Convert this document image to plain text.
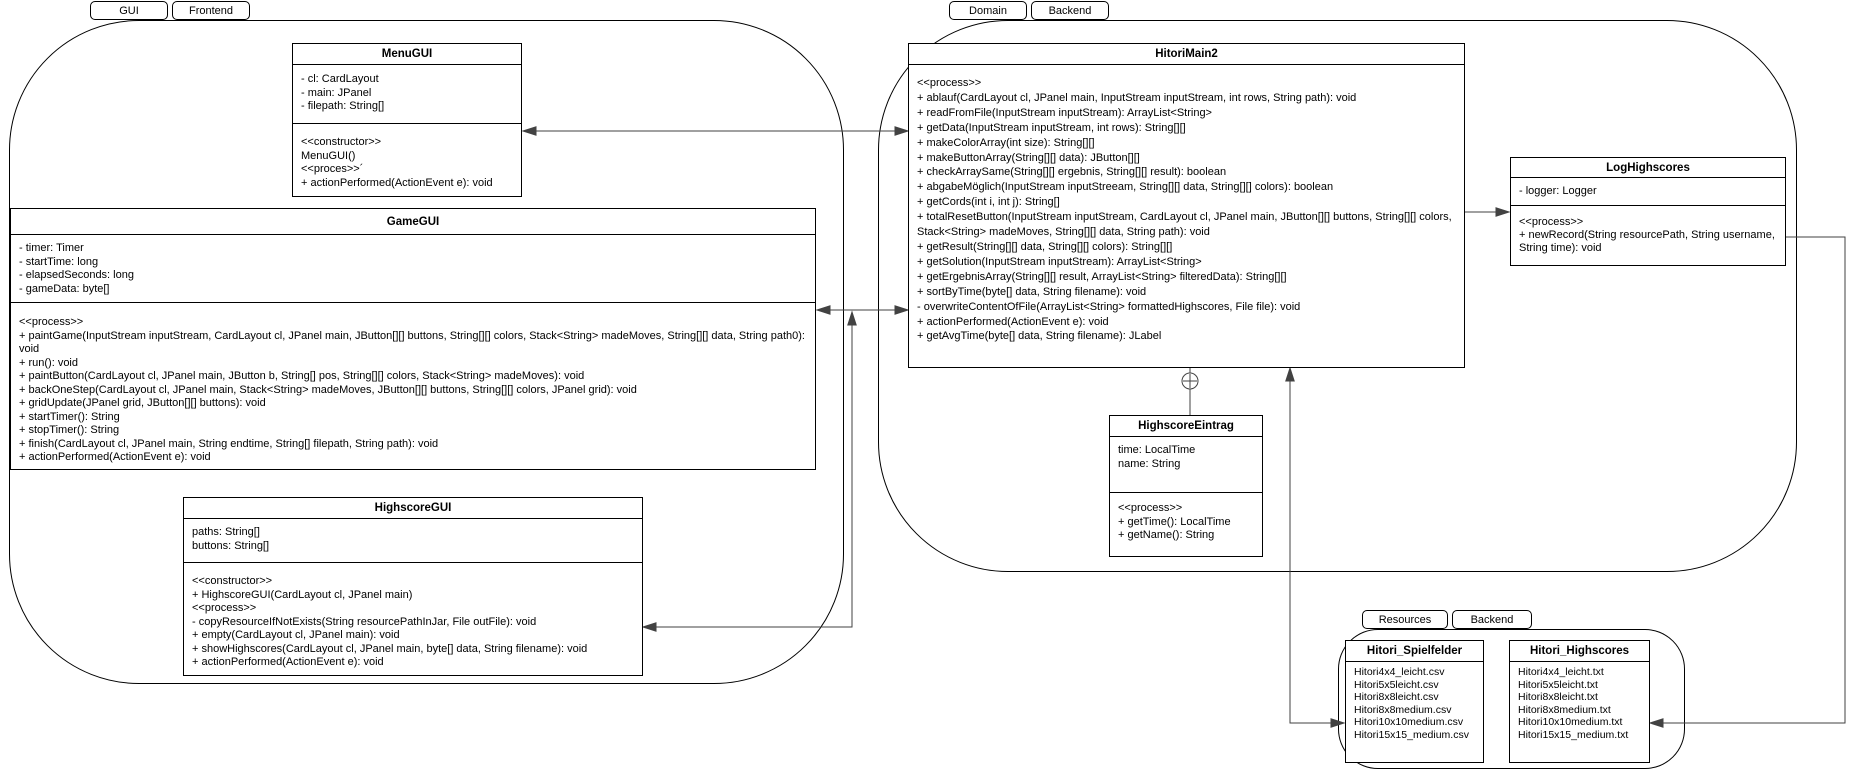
GUI	Frontend	Domain	Backend
Resources	Backend
MenuGUI
- cl: CardLayout
- main: JPanel
- filepath: String[]
<<constructor>>
MenuGUI()
<<proces>>´
+ actionPerformed(ActionEvent e): void
GameGUI
- timer: Timer
- startTime: long
- elapsedSeconds: long
- gameData: byte[]
<<process>>
+ paintGame(InputStream inputStream, CardLayout cl, JPanel main, JButton[][] buttons, String[][] colors, Stack<String> madeMoves, String[][] data, String path0): void
+ run(): void
+ paintButton(CardLayout cl, JPanel main, JButton b, String[] pos, String[][] colors, Stack<String> madeMoves): void
+ backOneStep(CardLayout cl, JPanel main, Stack<String> madeMoves, JButton[][] buttons, String[][] colors, JPanel grid): void
+ gridUpdate(JPanel grid, JButton[][] buttons): void
+ startTimer(): String
+ stopTimer(): String
+ finish(CardLayout cl, JPanel main, String endtime, String[] filepath, String path): void
+ actionPerformed(ActionEvent e): void
HighscoreGUI
paths: String[]
buttons: String[]
<<constructor>>
+ HighscoreGUI(CardLayout cl, JPanel main)
<<process>>
- copyResourceIfNotExists(String resourcePathInJar, File outFile): void
+ empty(CardLayout cl, JPanel main): void
+ showHighscores(CardLayout cl, JPanel main, byte[] data, String filename): void
+ actionPerformed(ActionEvent e): void
HitoriMain2
<<process>>
+ ablauf(CardLayout cl, JPanel main, InputStream inputStream, int rows, String path): void
+ readFromFile(InputStream inputStream): ArrayList<String>
+ getData(InputStream inputStream, int rows): String[][]
+ makeColorArray(int size): String[][]
+ makeButtonArray(String[][] data): JButton[][]
+ checkArraySame(String[][] ergebnis, String[][] result): boolean
+ abgabeMöglich(InputStream inputStreeam, String[][] data, String[][] colors): boolean
+ getCords(int i, int j): String[]
+ totalResetButton(InputStream inputStream, CardLayout cl, JPanel main, JButton[][] buttons, String[][] colors, Stack<String> madeMoves, String[][] data, String path): void
+ getResult(String[][] data, String[][] colors): String[][]
+ getSolution(InputStream inputStream): ArrayList<String>
+ getErgebnisArray(String[][] result, ArrayList<String> filteredData): String[][]
+ sortByTime(byte[] data, String filename): void
- overwriteContentOfFile(ArrayList<String> formattedHighscores, File file): void
+ actionPerformed(ActionEvent e): void
+ getAvgTime(byte[] data, String filename): JLabel
LogHighscores
- logger: Logger
<<process>>
+ newRecord(String resourcePath, String username, String time): void
HighscoreEintrag
time: LocalTime
name: String
<<process>>
+ getTime(): LocalTime
+ getName(): String
Hitori_Spielfelder
Hitori4x4_leicht.csv
Hitori5x5leicht.csv
Hitori8x8leicht.csv
Hitori8x8medium.csv
Hitori10x10medium.csv
Hitori15x15_medium.csv
Hitori_Highscores
Hitori4x4_leicht.txt
Hitori5x5leicht.txt
Hitori8x8leicht.txt
Hitori8x8medium.txt
Hitori10x10medium.txt
Hitori15x15_medium.txt
